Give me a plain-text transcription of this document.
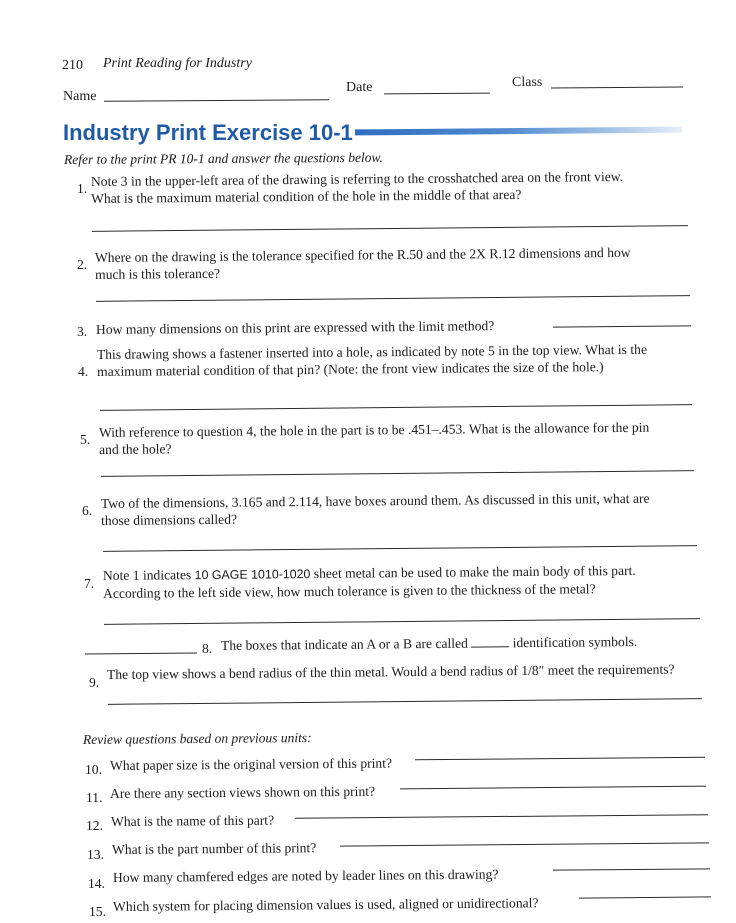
210 Print Reading for Industry
Name
Date	Class
Industry Print Exercise 10-1
Refer to the print PR 10-1 and answer the questions below.
1. Note 3 in the upper-left area of the drawing is referring to the crosshatched area on the front view.
What is the maximum material condition of the hole in the middle of that area?
2. Where on the drawing is the tolerance specified for the R.50 and the 2X R.12 dimensions and how
much is this tolerance?
3. How many dimensions on this print are expressed with the limit method?
4.
This drawing shows a fastener inserted into a hole, as indicated by note 5 in the top view. What is the
maximum material condition of that pin? (Note: the front view indicates the size of the hole.)
5. With reference to question 4, the hole in the part is to be .451–.453. What is the allowance for the pin
and the hole?
6. Two of the dimensions, 3.165 and 2.114, have boxes around them. As discussed in this unit, what are
those dimensions called?
7.
Note 1 indicates 10 GAGE 1010-1020 sheet metal can be used to make the main body of this part.
According to the left side view, how much tolerance is given to the thickness of the metal?
8. The boxes that indicate an A or a B are called	identification symbols.
9.
The top view shows a bend radius of the thin metal. Would a bend radius of 1/8″ meet the requirements?
Review questions based on previous units:
10. What paper size is the original version of this print?
11. Are there any section views shown on this print?
12. What is the name of this part?
13. What is the part number of this print?
14. How many chamfered edges are noted by leader lines on this drawing?
15. Which system for placing dimension values is used, aligned or unidirectional?
